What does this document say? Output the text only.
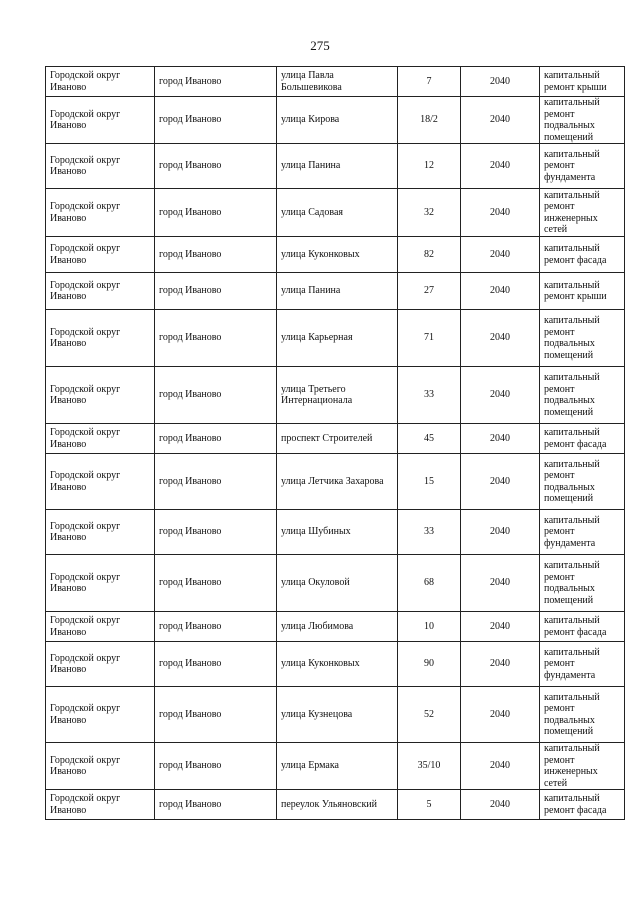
275
Городской округ Иваново	город Иваново	улица Павла Большевикова	7	2040	капитальный ремонт крыши
Городской округ Иваново	город Иваново	улица Кирова	18/2	2040	капитальный ремонт подвальных помещений
Городской округ Иваново	город Иваново	улица Панина	12	2040	капитальный ремонт фундамента
Городской округ Иваново	город Иваново	улица Садовая	32	2040	капитальный ремонт инженерных сетей
Городской округ Иваново	город Иваново	улица Куконковых	82	2040	капитальный ремонт фасада
Городской округ Иваново	город Иваново	улица Панина	27	2040	капитальный ремонт крыши
Городской округ Иваново	город Иваново	улица Карьерная	71	2040	капитальный ремонт подвальных помещений
Городской округ Иваново	город Иваново	улица Третьего Интернационала	33	2040	капитальный ремонт подвальных помещений
Городской округ Иваново	город Иваново	проспект Строителей	45	2040	капитальный ремонт фасада
Городской округ Иваново	город Иваново	улица Летчика Захарова	15	2040	капитальный ремонт подвальных помещений
Городской округ Иваново	город Иваново	улица Шубиных	33	2040	капитальный ремонт фундамента
Городской округ Иваново	город Иваново	улица Окуловой	68	2040	капитальный ремонт подвальных помещений
Городской округ Иваново	город Иваново	улица Любимова	10	2040	капитальный ремонт фасада
Городской округ Иваново	город Иваново	улица Куконковых	90	2040	капитальный ремонт фундамента
Городской округ Иваново	город Иваново	улица Кузнецова	52	2040	капитальный ремонт подвальных помещений
Городской округ Иваново	город Иваново	улица Ермака	35/10	2040	капитальный ремонт инженерных сетей
Городской округ Иваново	город Иваново	переулок Ульяновский	5	2040	капитальный ремонт фасада
